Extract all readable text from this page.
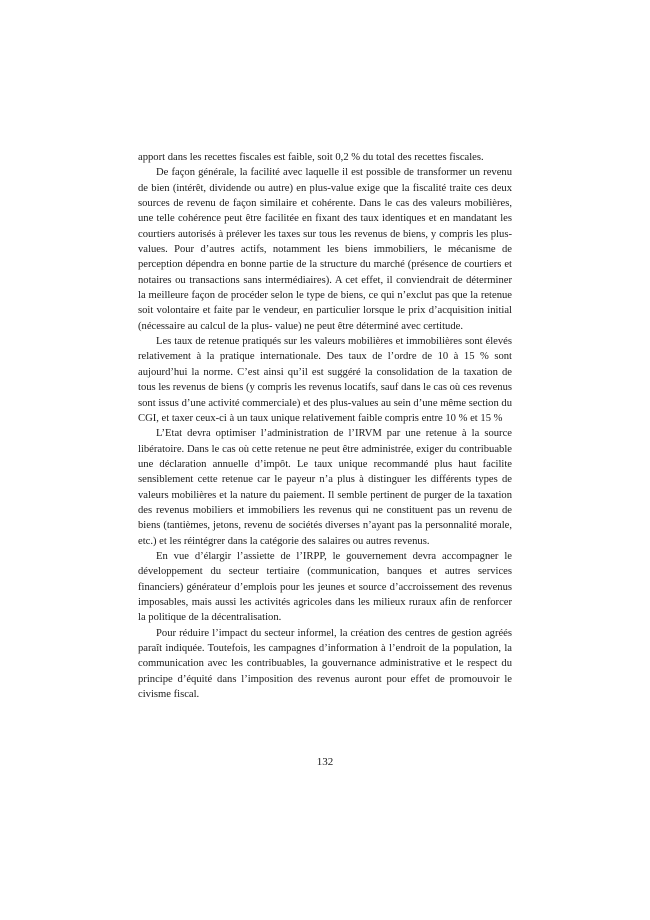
apport dans les recettes fiscales est faible, soit 0,2 % du total des recettes fiscales.

De façon générale, la facilité avec laquelle il est possible de transformer un revenu de bien (intérêt, dividende ou autre) en plus-value exige que la fiscalité traite ces deux sources de revenu de façon similaire et cohérente. Dans le cas des valeurs mobilières, une telle cohérence peut être facilitée en fixant des taux identiques et en mandatant les courtiers autorisés à prélever les taxes sur tous les revenus de biens, y compris les plus-values. Pour d’autres actifs, notamment les biens immobiliers, le mécanisme de perception dépendra en bonne partie de la structure du marché (présence de courtiers et notaires ou transactions sans intermédiaires). A cet effet, il conviendrait de déterminer la meilleure façon de procéder selon le type de biens, ce qui n’exclut pas que la retenue soit volontaire et faite par le vendeur, en particulier lorsque le prix d’acquisition initial (nécessaire au calcul de la plus- value) ne peut être déterminé avec certitude.

Les taux de retenue pratiqués sur les valeurs mobilières et immobilières sont élevés relativement à la pratique internationale. Des taux de l’ordre de 10 à 15 % sont aujourd’hui la norme. C’est ainsi qu’il est suggéré la consolidation de la taxation de tous les revenus de biens (y compris les revenus locatifs, sauf dans le cas où ces revenus sont issus d’une activité commerciale) et des plus-values au sein d’une même section du CGI, et taxer ceux-ci à un taux unique relativement faible compris entre 10 % et 15 %

L’Etat devra optimiser l’administration de l’IRVM par une retenue à la source libératoire. Dans le cas où cette retenue ne peut être administrée, exiger du contribuable une déclaration annuelle d’impôt. Le taux unique recommandé plus haut facilite sensiblement cette retenue car le payeur n’a plus à distinguer les différents types de valeurs mobilières et la nature du paiement. Il semble pertinent de purger de la taxation des revenus mobiliers et immobiliers les revenus qui ne constituent pas un revenu de biens (tantièmes, jetons, revenu de sociétés diverses n’ayant pas la personnalité morale, etc.) et les réintégrer dans la catégorie des salaires ou autres revenus.

En vue d’élargir l’assiette de l’IRPP, le gouvernement devra accompagner le développement du secteur tertiaire (communication, banques et autres services financiers) générateur d’emplois pour les jeunes et source d’accroissement des revenus imposables, mais aussi les activités agricoles dans les milieux ruraux afin de renforcer la politique de la décentralisation.

Pour réduire l’impact du secteur informel, la création des centres de gestion agréés paraît indiquée. Toutefois, les campagnes d’information à l’endroit de la population, la communication avec les contribuables, la gouvernance administrative et le respect du principe d’équité dans l’imposition des revenus auront pour effet de promouvoir le civisme fiscal.

132
